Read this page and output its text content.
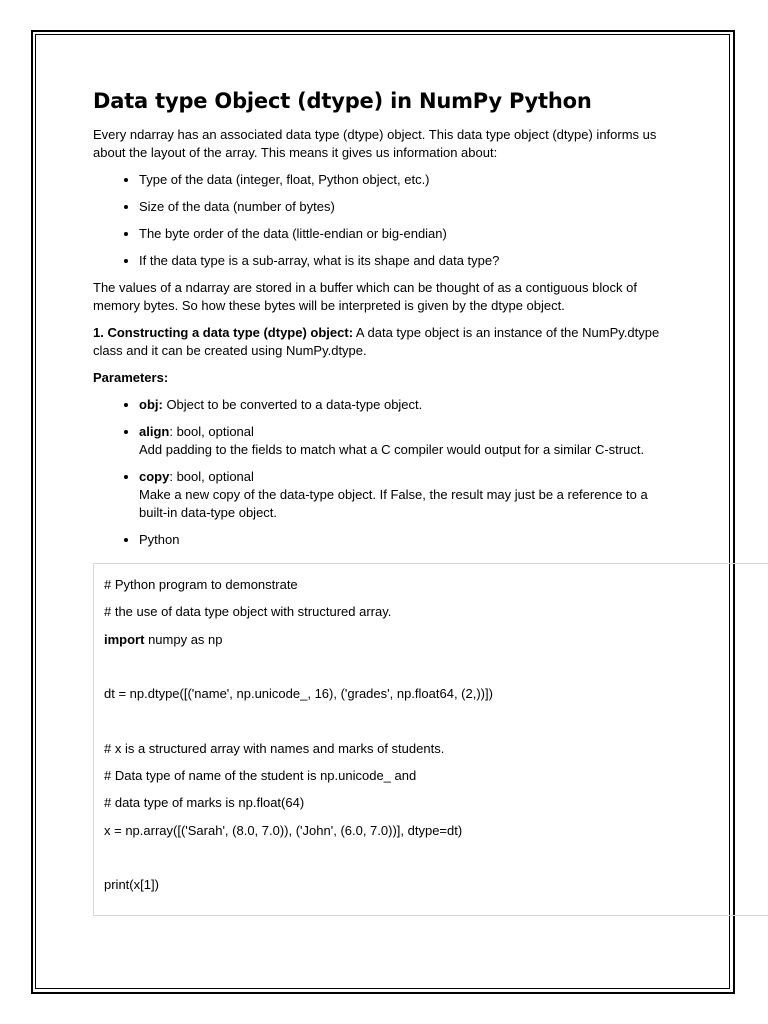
Data type Object (dtype) in NumPy Python

Every ndarray has an associated data type (dtype) object. This data type object (dtype) informs us about the layout of the array. This means it gives us information about:

• Type of the data (integer, float, Python object, etc.)
• Size of the data (number of bytes)
• The byte order of the data (little-endian or big-endian)
• If the data type is a sub-array, what is its shape and data type?

The values of a ndarray are stored in a buffer which can be thought of as a contiguous block of memory bytes. So how these bytes will be interpreted is given by the dtype object.

1. Constructing a data type (dtype) object: A data type object is an instance of the NumPy.dtype class and it can be created using NumPy.dtype.

Parameters:

• obj: Object to be converted to a data-type object.
• align: bool, optional
Add padding to the fields to match what a C compiler would output for a similar C-struct.
• copy: bool, optional
Make a new copy of the data-type object. If False, the result may just be a reference to a built-in data-type object.
• Python
# Python program to demonstrate
# the use of data type object with structured array.
import numpy as np
dt = np.dtype([('name', np.unicode_, 16), ('grades', np.float64, (2,))])
# x is a structured array with names and marks of students.
# Data type of name of the student is np.unicode_ and
# data type of marks is np.float(64)
x = np.array([('Sarah', (8.0, 7.0)), ('John', (6.0, 7.0))], dtype=dt)
print(x[1])
